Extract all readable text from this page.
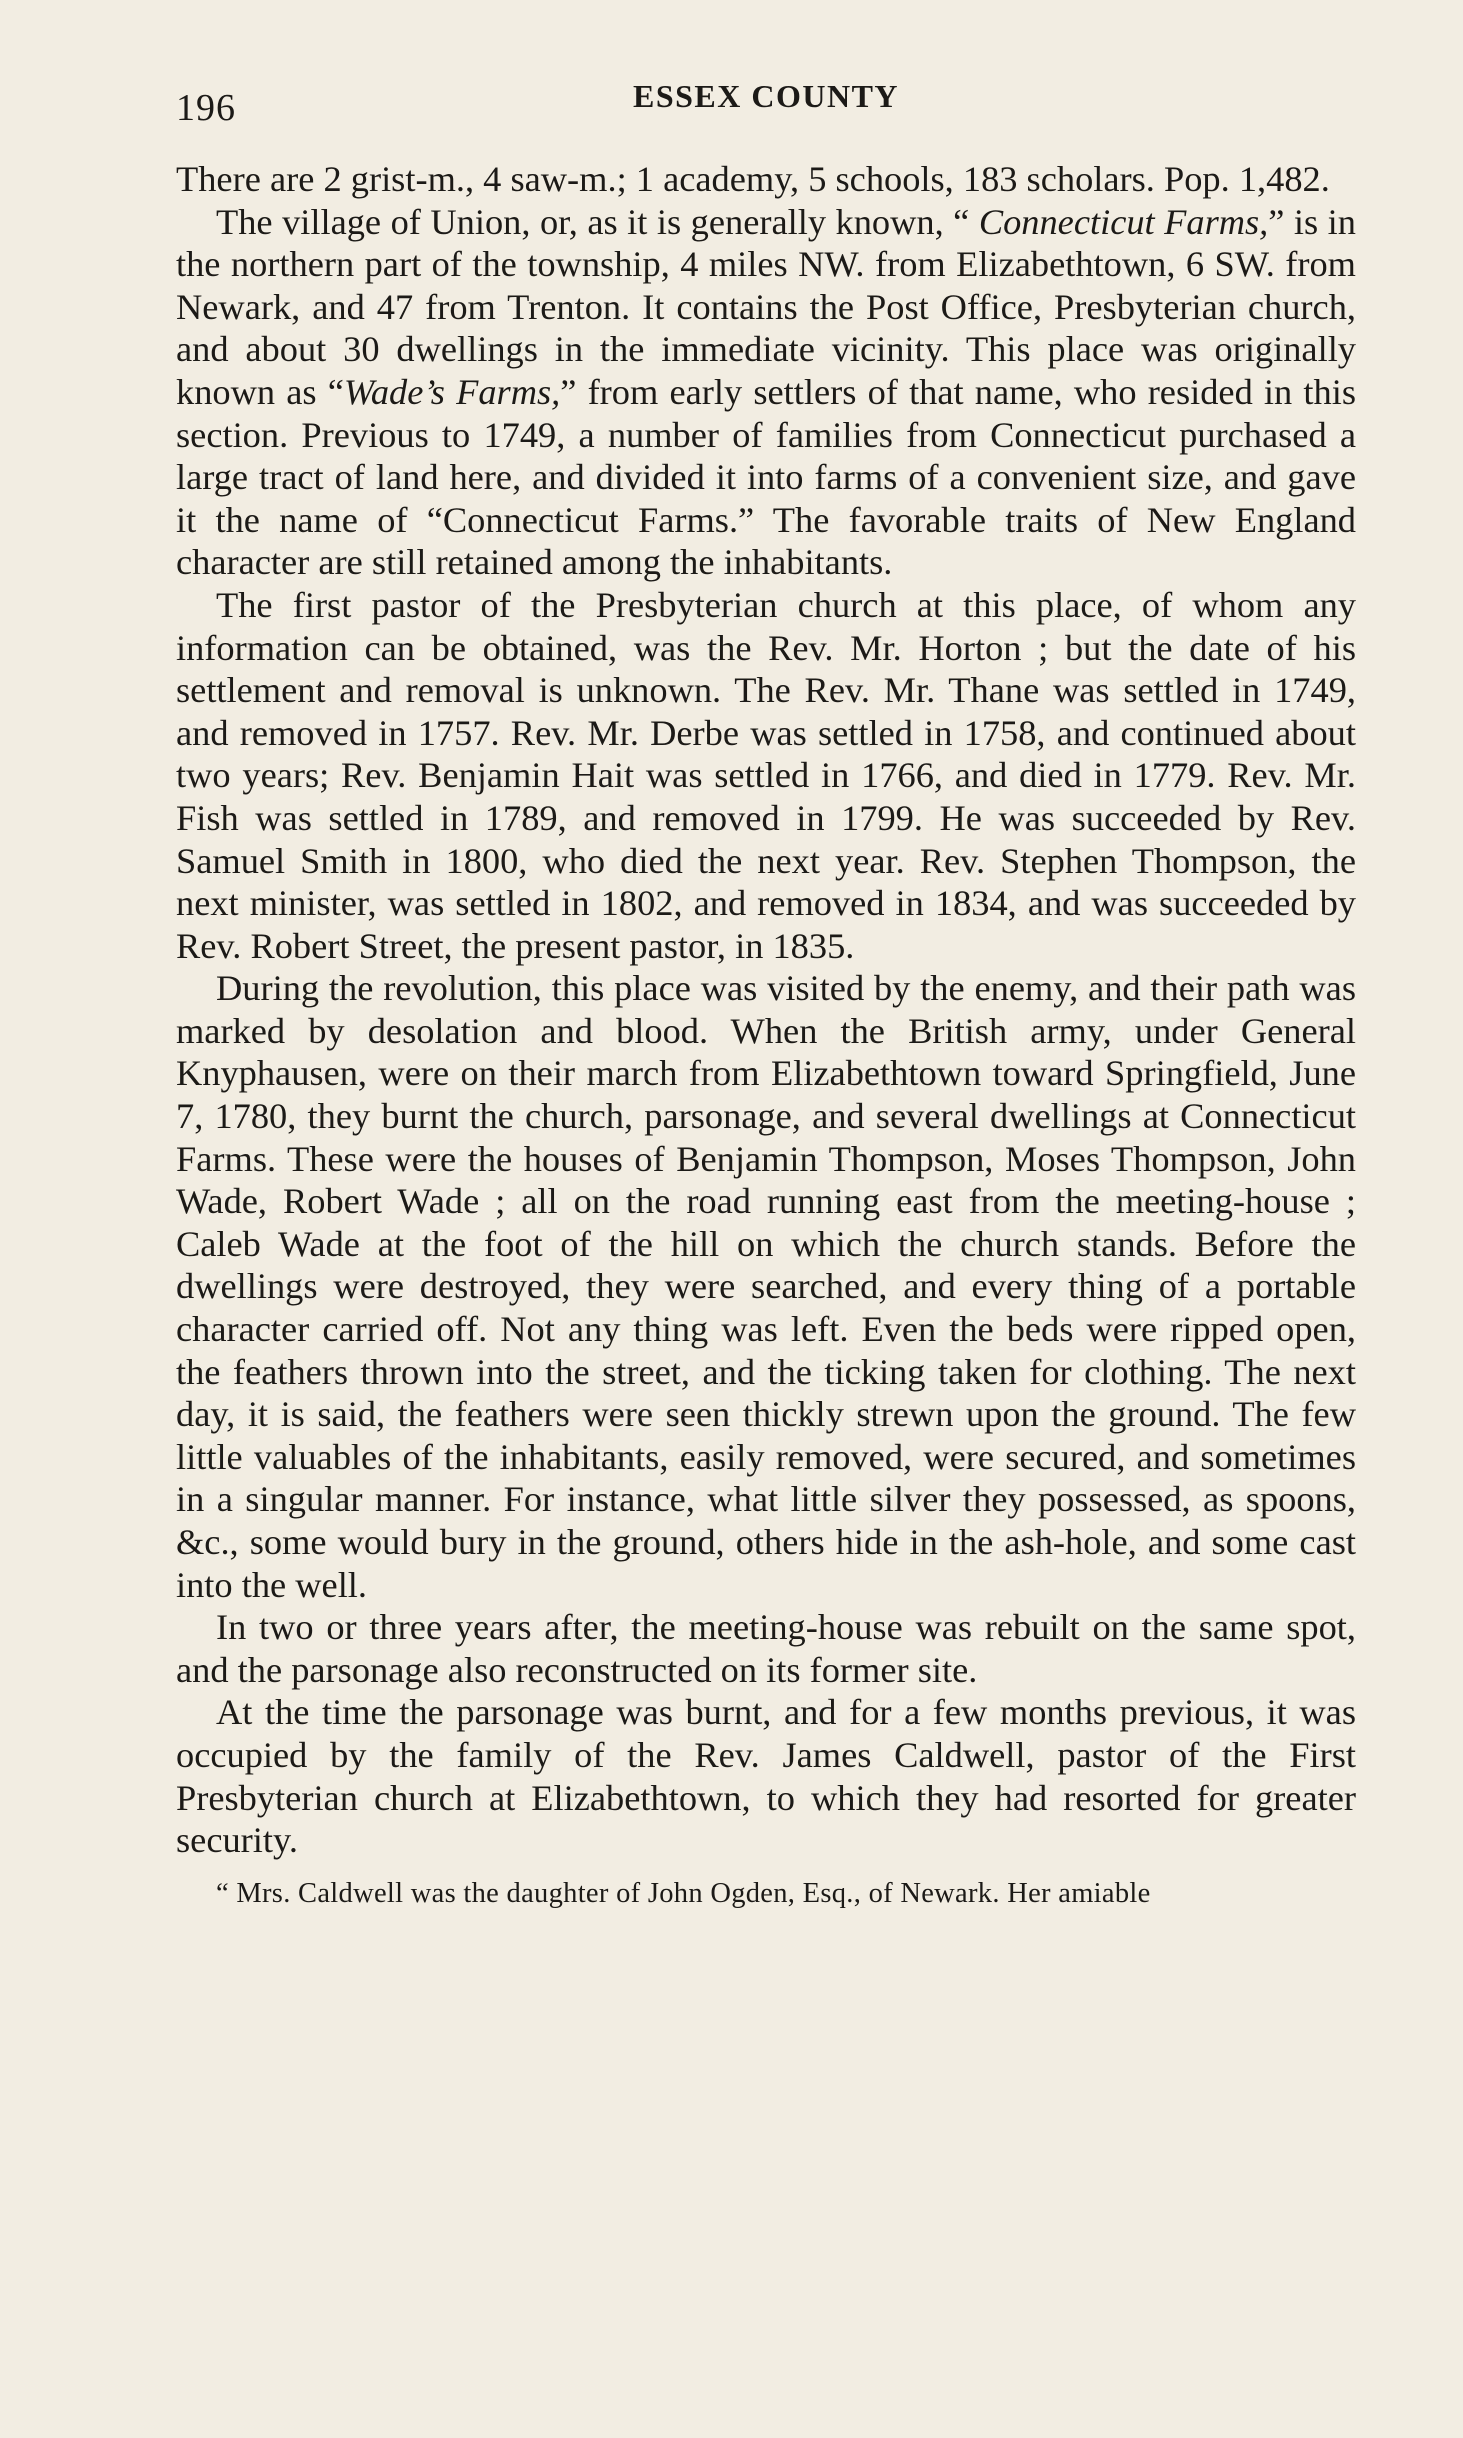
196	ESSEX COUNTY

There are 2 grist-m., 4 saw-m.; 1 academy, 5 schools, 183 scholars. Pop. 1,482.

The village of Union, or, as it is generally known, “ Connecticut Farms,” is in the northern part of the township, 4 miles NW. from Elizabethtown, 6 SW. from Newark, and 47 from Trenton. It contains the Post Office, Presbyterian church, and about 30 dwellings in the immediate vicinity. This place was originally known as “Wade’s Farms,” from early settlers of that name, who resided in this section. Previous to 1749, a number of families from Connecticut purchased a large tract of land here, and divided it into farms of a convenient size, and gave it the name of “Connecticut Farms.” The favorable traits of New England character are still retained among the inhabitants.

The first pastor of the Presbyterian church at this place, of whom any information can be obtained, was the Rev. Mr. Horton ; but the date of his settlement and removal is unknown. The Rev. Mr. Thane was settled in 1749, and removed in 1757. Rev. Mr. Derbe was settled in 1758, and continued about two years; Rev. Benjamin Hait was settled in 1766, and died in 1779. Rev. Mr. Fish was settled in 1789, and removed in 1799. He was succeeded by Rev. Samuel Smith in 1800, who died the next year. Rev. Stephen Thompson, the next minister, was settled in 1802, and removed in 1834, and was succeeded by Rev. Robert Street, the present pastor, in 1835.

During the revolution, this place was visited by the enemy, and their path was marked by desolation and blood. When the British army, under General Knyphausen, were on their march from Elizabethtown toward Springfield, June 7, 1780, they burnt the church, parsonage, and several dwellings at Connecticut Farms. These were the houses of Benjamin Thompson, Moses Thompson, John Wade, Robert Wade ; all on the road running east from the meeting-house ; Caleb Wade at the foot of the hill on which the church stands. Before the dwellings were destroyed, they were searched, and every thing of a portable character carried off. Not any thing was left. Even the beds were ripped open, the feathers thrown into the street, and the ticking taken for clothing. The next day, it is said, the feathers were seen thickly strewn upon the ground. The few little valuables of the inhabitants, easily removed, were secured, and sometimes in a singular manner. For instance, what little silver they possessed, as spoons, &c., some would bury in the ground, others hide in the ash-hole, and some cast into the well.

In two or three years after, the meeting-house was rebuilt on the same spot, and the parsonage also reconstructed on its former site.

At the time the parsonage was burnt, and for a few months previous, it was occupied by the family of the Rev. James Caldwell, pastor of the First Presbyterian church at Elizabethtown, to which they had resorted for greater security.

“ Mrs. Caldwell was the daughter of John Ogden, Esq., of Newark. Her amiable
